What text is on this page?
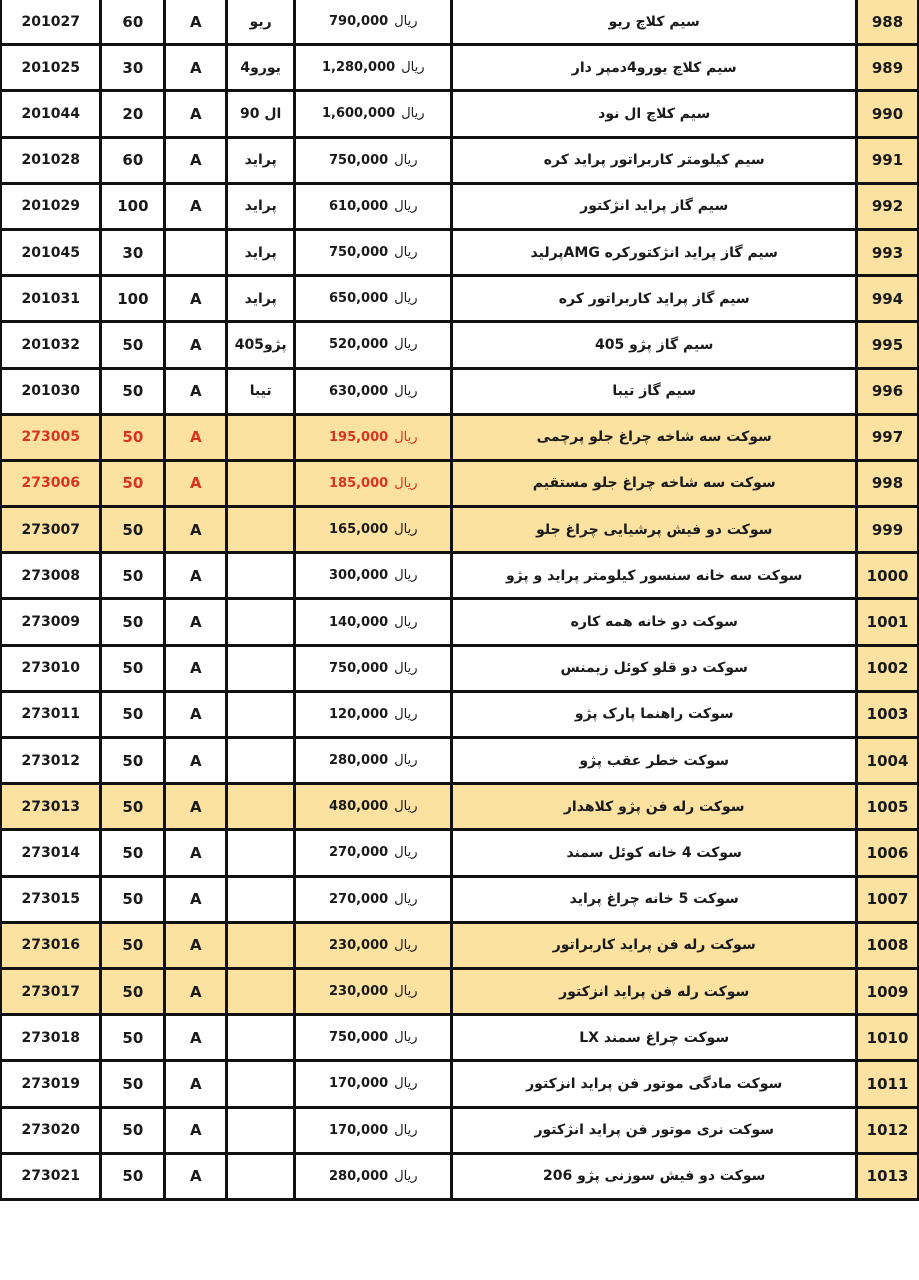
201027	60	A	ریو	790,000 ریال	سیم کلاچ ریو	988
201025	30	A	یورو4	1,280,000 ریال	سیم کلاچ یورو4دمپر دار	989
201044	20	A	ال 90	1,600,000 ریال	سیم کلاچ ال نود	990
201028	60	A	پراید	750,000 ریال	سیم کیلومتر کاربراتور پراید کره	991
201029	100	A	پراید	610,000 ریال	سیم گاز پراید انژکتور	992
201045	30		پراید	750,000 ریال	سیم گاز پراید انژکتورکره AMGپرلید	993
201031	100	A	پراید	650,000 ریال	سیم گاز پراید کاربراتور کره	994
201032	50	A	پژو405	520,000 ریال	سیم گاز پژو 405	995
201030	50	A	تیبا	630,000 ریال	سیم گاز تیبا	996
273005	50	A		195,000 ریال	سوکت سه شاخه چراغ جلو پرچمی	997
273006	50	A		185,000 ریال	سوکت سه شاخه چراغ جلو مستقیم	998
273007	50	A		165,000 ریال	سوکت دو فیش پرشیایی چراغ جلو	999
273008	50	A		300,000 ریال	سوکت سه خانه سنسور کیلومتر پراید و پژو	1000
273009	50	A		140,000 ریال	سوکت دو خانه همه کاره	1001
273010	50	A		750,000 ریال	سوکت دو قلو کوئل زیمنس	1002
273011	50	A		120,000 ریال	سوکت راهنما پارک پژو	1003
273012	50	A		280,000 ریال	سوکت خطر عقب پژو	1004
273013	50	A		480,000 ریال	سوکت رله فن پژو کلاهدار	1005
273014	50	A		270,000 ریال	سوکت 4 خانه کوئل سمند	1006
273015	50	A		270,000 ریال	سوکت 5 خانه چراغ پراید	1007
273016	50	A		230,000 ریال	سوکت رله فن پراید کاربراتور	1008
273017	50	A		230,000 ریال	سوکت رله فن پراید انزکتور	1009
273018	50	A		750,000 ریال	سوکت چراغ سمند LX	1010
273019	50	A		170,000 ریال	سوکت مادگی موتور فن پراید انزکتور	1011
273020	50	A		170,000 ریال	سوکت نری موتور فن پراید انژکتور	1012
273021	50	A		280,000 ریال	سوکت دو فیش سوزنی پژو 206	1013
